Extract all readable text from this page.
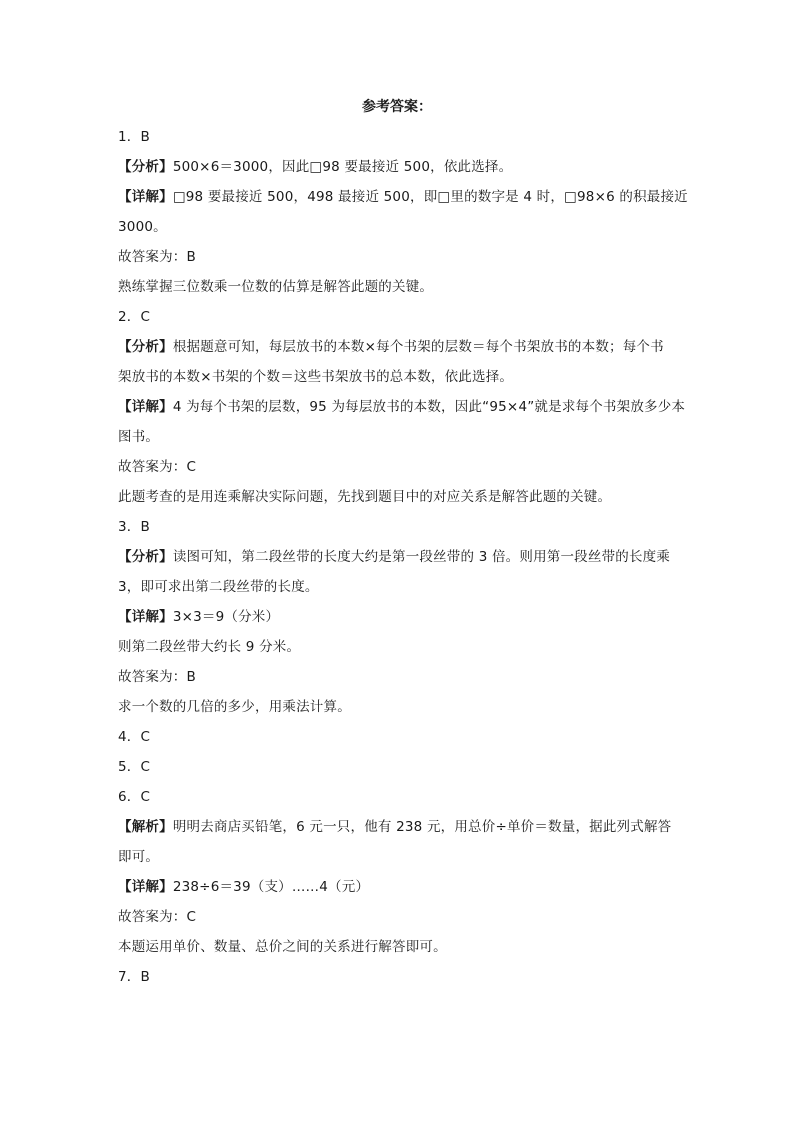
参考答案：
1．B
【分析】500×6＝3000，因此□98 要最接近 500，依此选择。
【详解】□98 要最接近 500，498 最接近 500，即□里的数字是 4 时，□98×6 的积最接近
3000。
故答案为：B
熟练掌握三位数乘一位数的估算是解答此题的关键。
2．C
【分析】根据题意可知，每层放书的本数×每个书架的层数＝每个书架放书的本数；每个书
架放书的本数×书架的个数＝这些书架放书的总本数，依此选择。
【详解】4 为每个书架的层数，95 为每层放书的本数，因此“95×4”就是求每个书架放多少本
图书。
故答案为：C
此题考查的是用连乘解决实际问题，先找到题目中的对应关系是解答此题的关键。
3．B
【分析】读图可知，第二段丝带的长度大约是第一段丝带的 3 倍。则用第一段丝带的长度乘
3，即可求出第二段丝带的长度。
【详解】3×3＝9（分米）
则第二段丝带大约长 9 分米。
故答案为：B
求一个数的几倍的多少，用乘法计算。
4．C
5．C
6．C
【解析】明明去商店买铅笔，6 元一只，他有 238 元，用总价÷单价＝数量，据此列式解答
即可。
【详解】238÷6＝39（支）……4（元）
故答案为：C
本题运用单价、数量、总价之间的关系进行解答即可。
7．B
